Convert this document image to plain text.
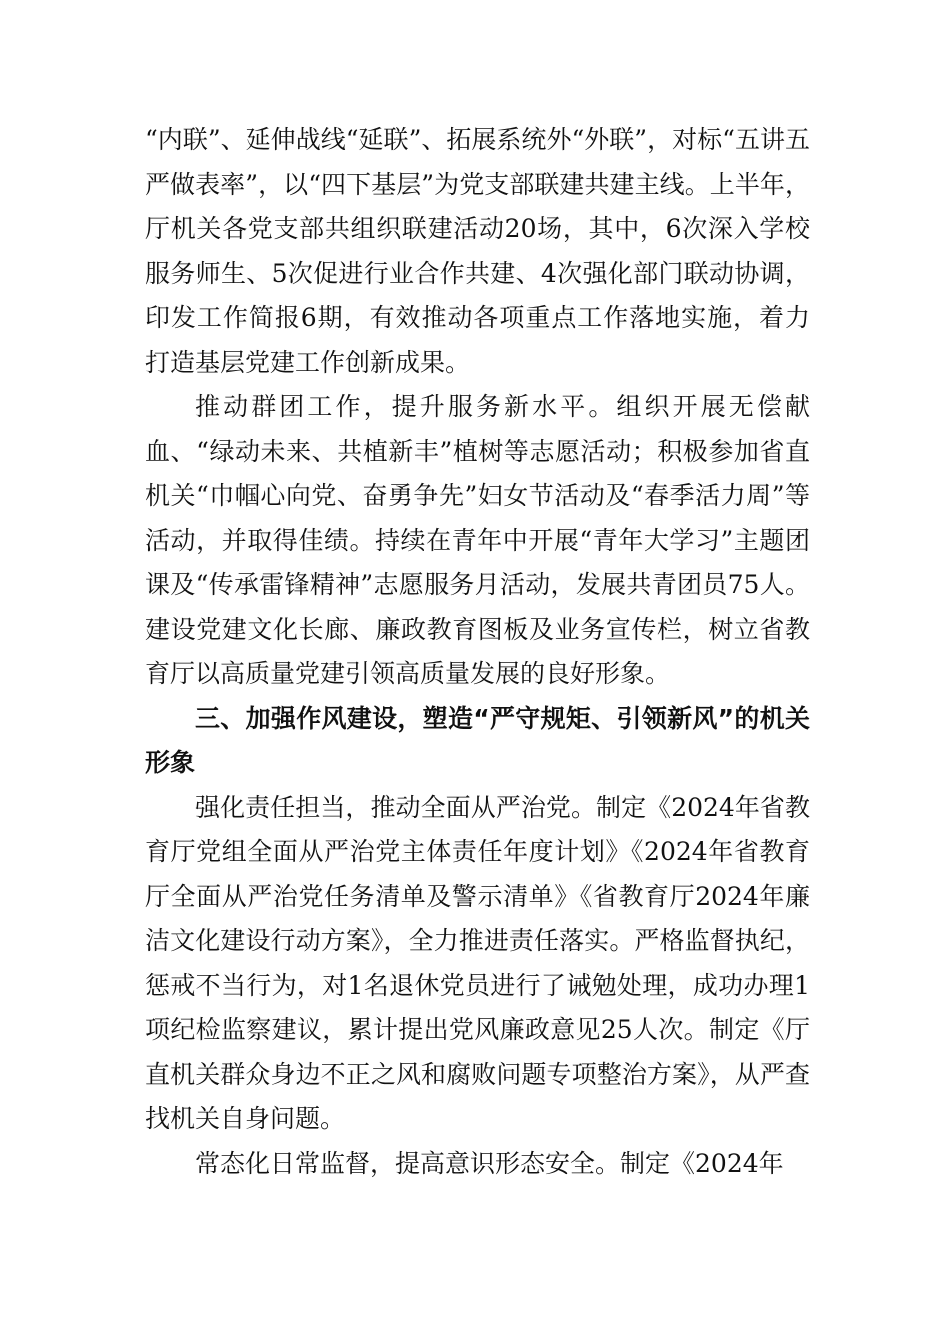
“内联”、延伸战线“延联”、拓展系统外“外联”，对标“五讲五严做表率”，以“四下基层”为党支部联建共建主线。上半年，厅机关各党支部共组织联建活动20场，其中，6次深入学校服务师生、5次促进行业合作共建、4次强化部门联动协调，印发工作简报6期，有效推动各项重点工作落地实施，着力打造基层党建工作创新成果。

推动群团工作，提升服务新水平。组织开展无偿献血、“绿动未来、共植新丰”植树等志愿活动；积极参加省直机关“巾帼心向党、奋勇争先”妇女节活动及“春季活力周”等活动，并取得佳绩。持续在青年中开展“青年大学习”主题团课及“传承雷锋精神”志愿服务月活动，发展共青团员75人。建设党建文化长廊、廉政教育图板及业务宣传栏，树立省教育厅以高质量党建引领高质量发展的良好形象。

三、加强作风建设，塑造“严守规矩、引领新风”的机关形象

强化责任担当，推动全面从严治党。制定《2024年省教育厅党组全面从严治党主体责任年度计划》《2024年省教育厅全面从严治党任务清单及警示清单》《省教育厅2024年廉洁文化建设行动方案》，全力推进责任落实。严格监督执纪，惩戒不当行为，对1名退休党员进行了诫勉处理，成功办理1项纪检监察建议，累计提出党风廉政意见25人次。制定《厅直机关群众身边不正之风和腐败问题专项整治方案》，从严查找机关自身问题。

常态化日常监督，提高意识形态安全。制定《2024年
